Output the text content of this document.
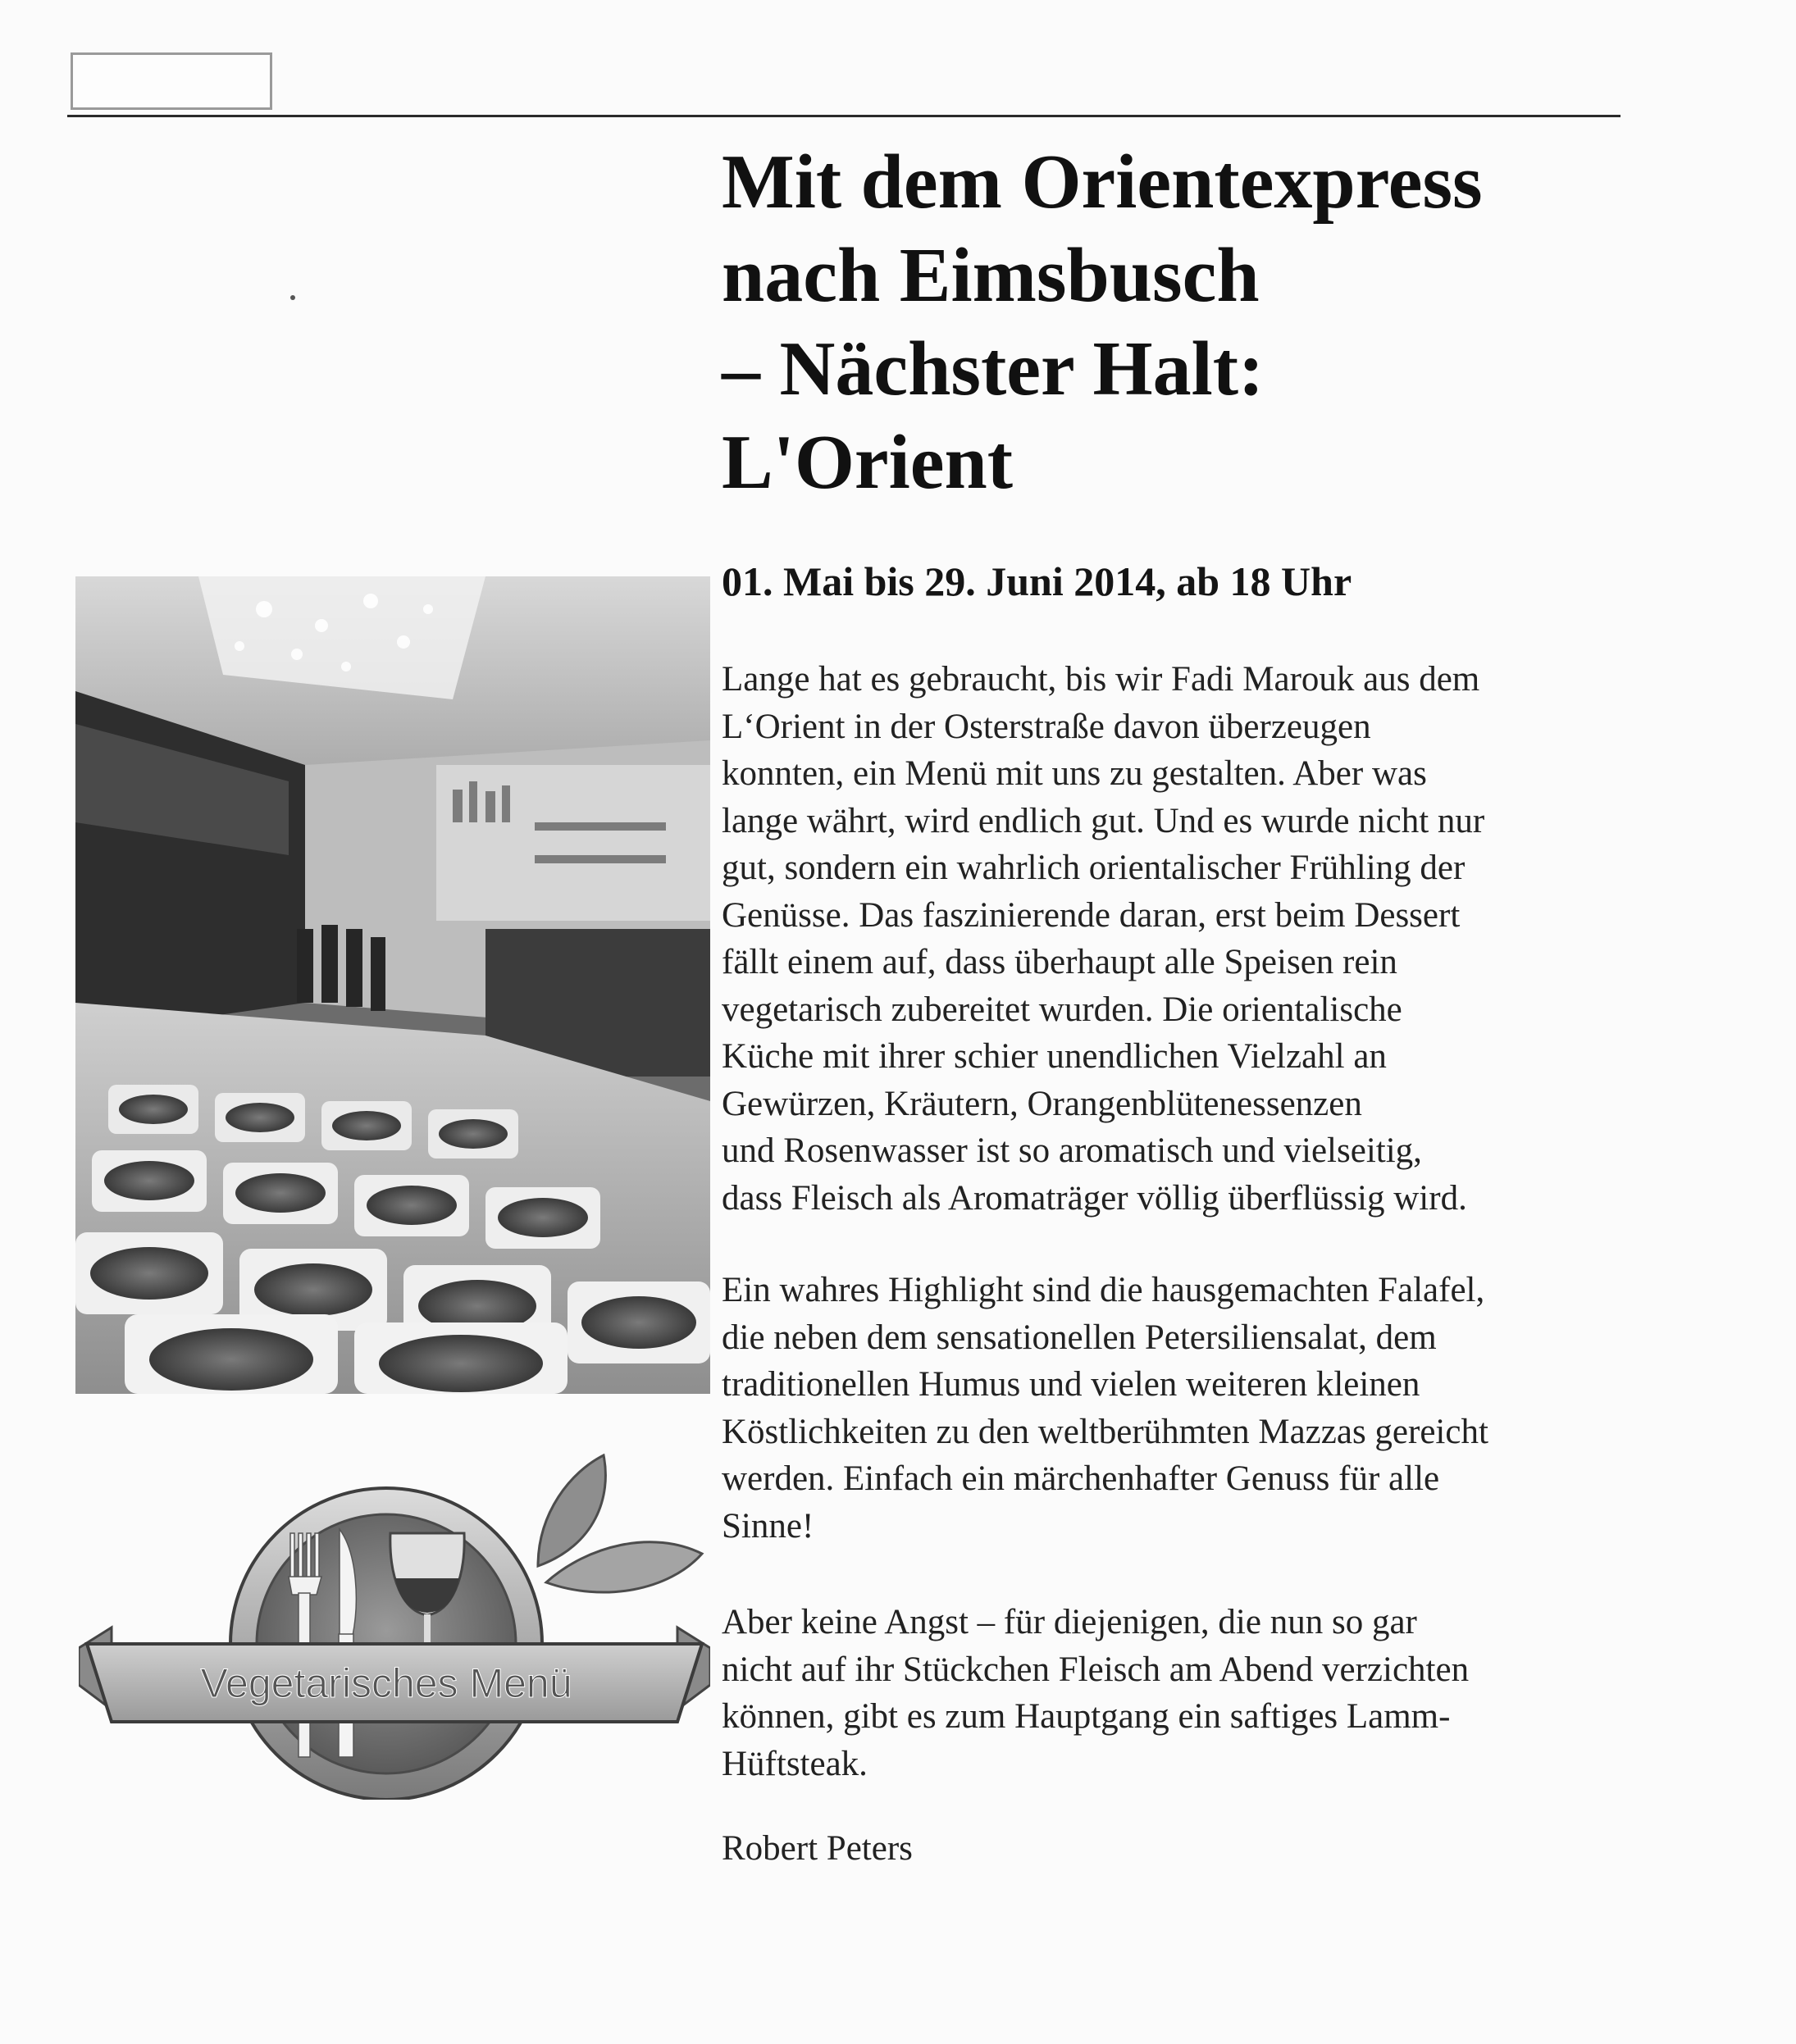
Vegetarisches Menü
Mit dem Orientexpress
nach Eimsbusch
– Nächster Halt:
L'Orient

01. Mai bis 29. Juni 2014, ab 18 Uhr

Lange hat es gebraucht, bis wir Fadi Marouk aus dem
L‘Orient in der Osterstraße davon überzeugen
konnten, ein Menü mit uns zu gestalten. Aber was
lange währt, wird endlich gut. Und es wurde nicht nur
gut, sondern ein wahrlich orientalischer Frühling der
Genüsse. Das faszinierende daran, erst beim Dessert
fällt einem auf, dass überhaupt alle Speisen rein
vegetarisch zubereitet wurden. Die orientalische
Küche mit ihrer schier unendlichen Vielzahl an
Gewürzen, Kräutern, Orangenblütenessenzen
und Rosenwasser ist so aromatisch und vielseitig,
dass Fleisch als Aromaträger völlig überflüssig wird.

Ein wahres Highlight sind die hausgemachten Falafel,
die neben dem sensationellen Petersiliensalat, dem
traditionellen Humus und vielen weiteren kleinen
Köstlichkeiten zu den weltberühmten Mazzas gereicht
werden. Einfach ein märchenhafter Genuss für alle
Sinne!

Aber keine Angst – für diejenigen, die nun so gar
nicht auf ihr Stückchen Fleisch am Abend verzichten
können, gibt es zum Hauptgang ein saftiges Lamm-
Hüftsteak.

Robert Peters
